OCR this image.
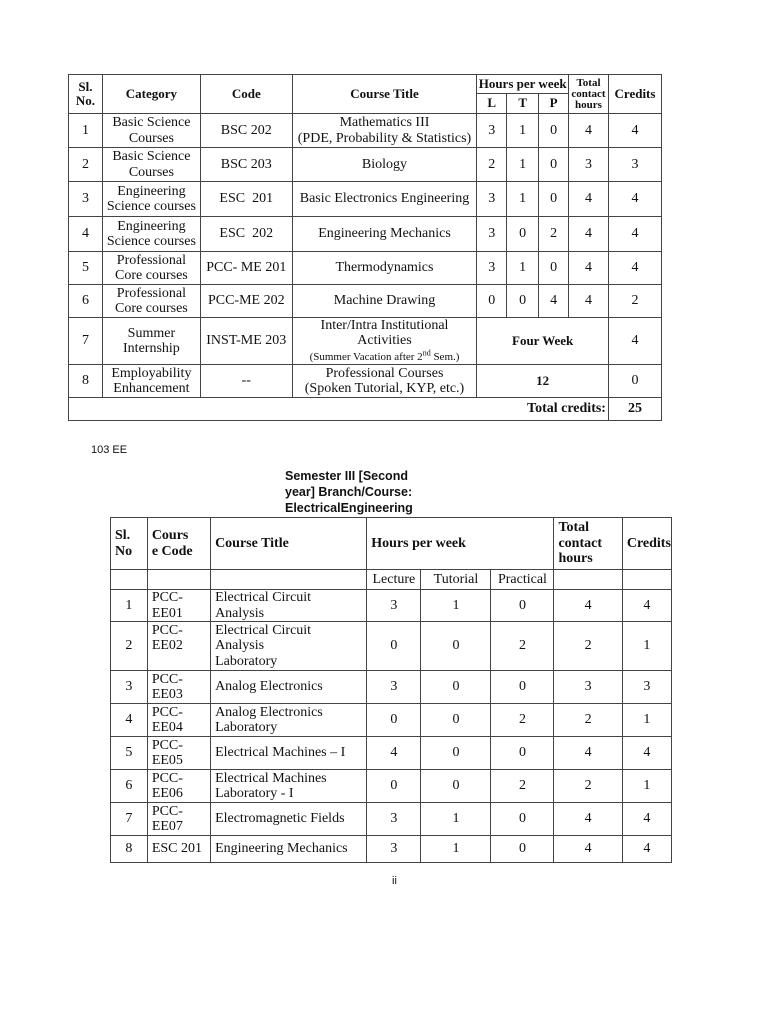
Sl.
No.	Category	Code	Course Title	Hours per week			Total
contact
hours	Credits
				L	T	P		
1	Basic Science
Courses	BSC 202	Mathematics III
(PDE, Probability & Statistics)	3	1	0	4	4
2	Basic Science
Courses	BSC 203	Biology	2	1	0	3	3
3	Engineering
Science courses	ESC  201	Basic Electronics Engineering	3	1	0	4	4
4	Engineering
Science courses	ESC  202	Engineering Mechanics	3	0	2	4	4
5	Professional
Core courses	PCC- ME 201	Thermodynamics	3	1	0	4	4
6	Professional
Core courses	PCC-ME 202	Machine Drawing	0	0	4	4	2
7	Summer
Internship	INST-ME 203	Inter/Intra Institutional
Activities
(Summer Vacation after 2nd Sem.)	Four Week				4
8	Employability
Enhancement	--	Professional Courses
(Spoken Tutorial, KYP, etc.)	12				0
Total credits:								25
103 EE
Semester III [Second year] Branch/Course: ElectricalEngineering
Sl.
No	Cours
e Code	Course Title	Hours per week			Total
contact
hours	Credits
			Lecture	Tutorial	Practical		
1	PCC-
EE01	Electrical Circuit
Analysis	3	1	0	4	4
2	PCC-
EE02	Electrical Circuit
Analysis
Laboratory	0	0	2	2	1
3	PCC-
EE03	Analog Electronics	3	0	0	3	3
4	PCC-
EE04	Analog Electronics
Laboratory	0	0	2	2	1
5	PCC-
EE05	Electrical Machines – I	4	0	0	4	4
6	PCC-
EE06	Electrical Machines
Laboratory - I	0	0	2	2	1
7	PCC-
EE07	Electromagnetic Fields	3	1	0	4	4
8	ESC 201	Engineering Mechanics	3	1	0	4	4
ii
